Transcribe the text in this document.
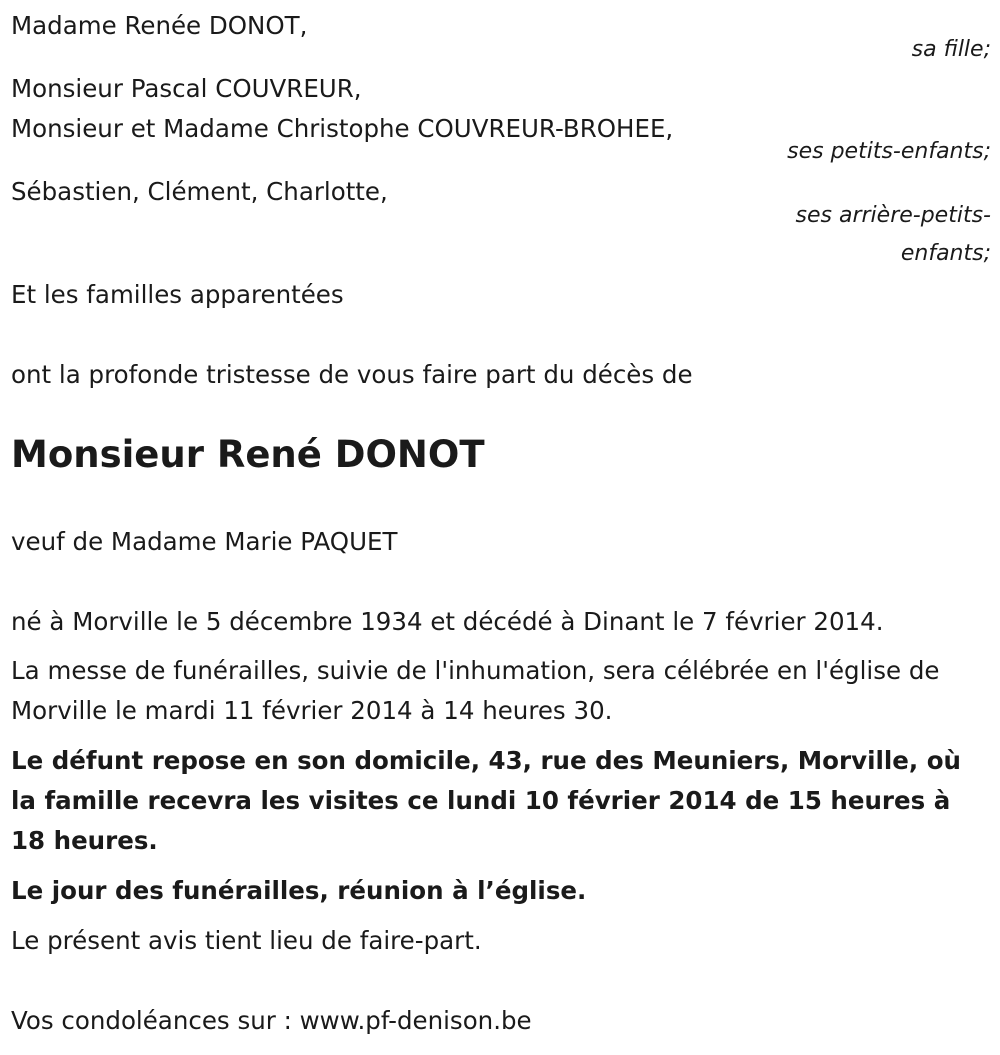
Madame Renée DONOT,
sa fille;
Monsieur Pascal COUVREUR,
Monsieur et Madame Christophe COUVREUR-BROHEE,
ses petits-enfants;
Sébastien, Clément, Charlotte,
ses arrière-petits-
enfants;
Et les familles apparentées
ont la profonde tristesse de vous faire part du décès de
Monsieur René DONOT
veuf de Madame Marie PAQUET
né à Morville le 5 décembre 1934 et décédé à Dinant le 7 février 2014.
La messe de funérailles, suivie de l'inhumation, sera célébrée en l'église de Morville le mardi 11 février 2014 à 14 heures 30.
Le défunt repose en son domicile, 43, rue des Meuniers, Morville, où la famille recevra les visites ce lundi 10 février 2014 de 15 heures à 18 heures.
Le jour des funérailles, réunion à l’église.
Le présent avis tient lieu de faire-part.
Vos condoléances sur : www.pf-denison.be
